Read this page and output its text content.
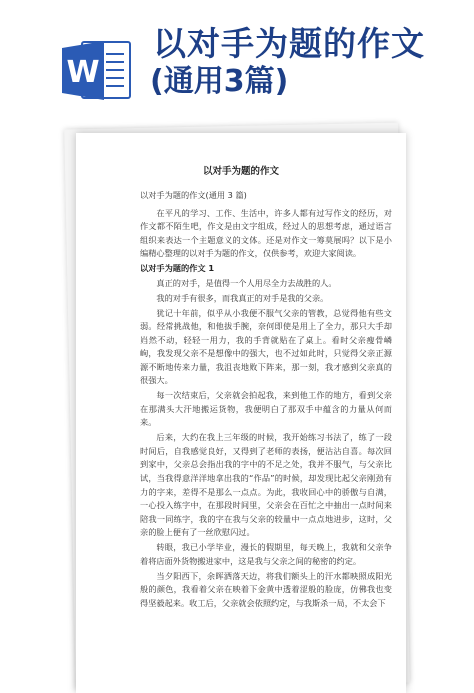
W
以对手为题的作文
(通用3篇)
以对手为题的作文

以对手为题的作文(通用 3 篇)

在平凡的学习、工作、生活中，许多人都有过写作文的经历，对作文都不陌生吧，作文是由文字组成，经过人的思想考虑，通过语言组织来表达一个主题意义的文体。还是对作文一筹莫展吗？以下是小编精心整理的以对手为题的作文，仅供参考，欢迎大家阅读。

以对手为题的作文 1

真正的对手，是值得一个人用尽全力去战胜的人。

我的对手有很多，而我真正的对手是我的父亲。

犹记十年前，似乎从小我便不服气父亲的管教，总觉得他有些文弱。经常挑战他，和他拔手腕，奈何即使是用上了全力，那只大手却岿然不动，轻轻一用力，我的手背就贴在了桌上。看时父亲瘦骨嶙峋，我发现父亲不是想像中的强大，也不过如此时，只觉得父亲正源源不断地传来力量，我沮丧地败下阵来，那一刻，我才感到父亲真的很强大。

每一次结束后，父亲就会拍起我，来到他工作的地方，看到父亲在那满头大汗地搬运货物，我便明白了那双手中蕴含的力量从何而来。

后来，大约在我上三年级的时候，我开始练习书法了，练了一段时间后，自我感觉良好，又得到了老师的表扬，便沾沾自喜。每次回到家中，父亲总会指出我的字中的不足之处，我并不服气，与父亲比试，当我得意洋洋地拿出我的“作品”的时候，却发现比起父亲刚劲有力的字来，差得不是那么一点点。为此，我收回心中的骄傲与自满，一心投入练字中，在那段时间里，父亲会在百忙之中抽出一点时间来陪我一同练字，我的字在我与父亲的较量中一点点地进步，这时，父亲的脸上便有了一丝欣慰闪过。

转眼，我已小学毕业，漫长的假期里，每天晚上，我就和父亲争着将店面外货物搬进家中，这是我与父亲之间的秘密的约定。

当夕阳西下，余晖洒落天边，将我们额头上的汗水都映照成阳光般的颜色，我看着父亲在映着下金黄中透着涩般的脸庞，仿佛我也变得坚毅起来。收工后，父亲就会依照约定，与我斯杀一局，不太会下
